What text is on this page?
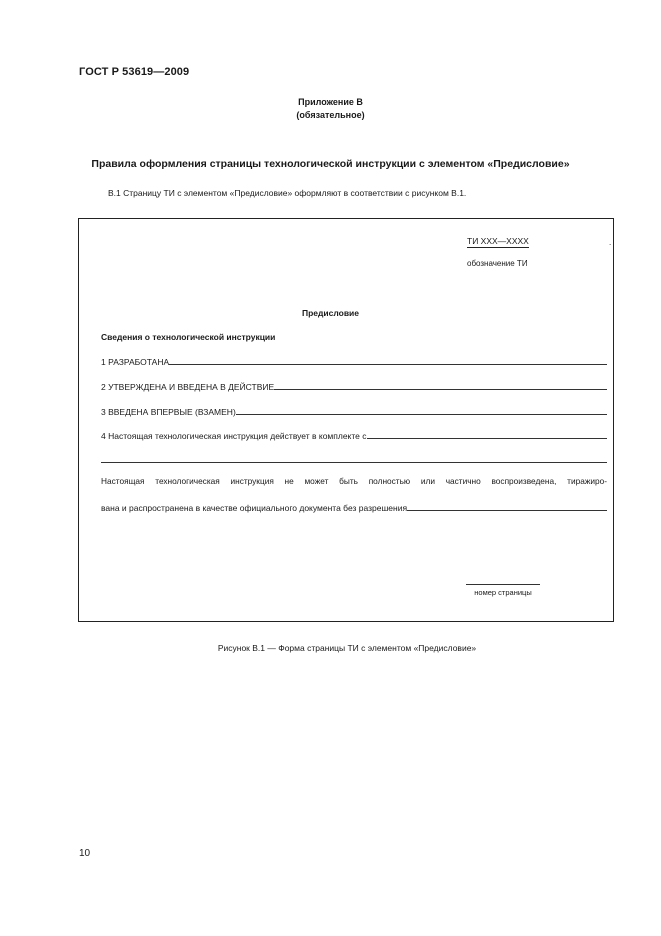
ГОСТ Р 53619—2009
Приложение В
(обязательное)
Правила оформления страницы технологической инструкции с элементом «Предисловие»
В.1 Страницу ТИ с элементом «Предисловие» оформляют в соответствии с рисунком В.1.
ТИ ХХХ—ХХХХ
обозначение ТИ
.
Предисловие
Сведения о технологической инструкции
1 РАЗРАБОТАНА
2 УТВЕРЖДЕНА И ВВЕДЕНА В ДЕЙСТВИЕ
3 ВВЕДЕНА ВПЕРВЫЕ (ВЗАМЕН)
4 Настоящая технологическая инструкция действует в комплекте с
Настоящая технологическая инструкция не может быть полностью или частично воспроизведена, тиражиро-
вана и распространена в качестве официального документа без разрешения
номер страницы
Рисунок В.1 — Форма страницы ТИ с элементом «Предисловие»
10
